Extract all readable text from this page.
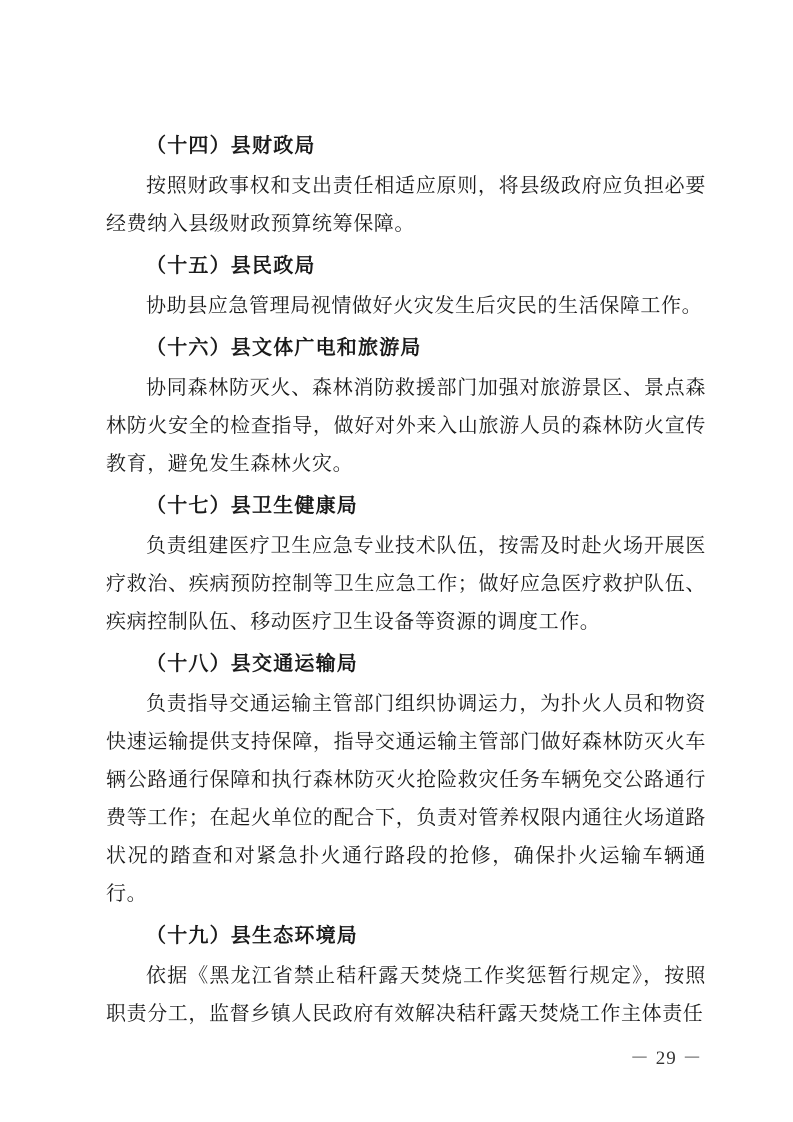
（十四）县财政局

按照财政事权和支出责任相适应原则，将县级政府应负担必要经费纳入县级财政预算统筹保障。

（十五）县民政局

协助县应急管理局视情做好火灾发生后灾民的生活保障工作。

（十六）县文体广电和旅游局

协同森林防灭火、森林消防救援部门加强对旅游景区、景点森林防火安全的检查指导，做好对外来入山旅游人员的森林防火宣传教育，避免发生森林火灾。

（十七）县卫生健康局

负责组建医疗卫生应急专业技术队伍，按需及时赴火场开展医疗救治、疾病预防控制等卫生应急工作；做好应急医疗救护队伍、疾病控制队伍、移动医疗卫生设备等资源的调度工作。

（十八）县交通运输局

负责指导交通运输主管部门组织协调运力，为扑火人员和物资快速运输提供支持保障，指导交通运输主管部门做好森林防灭火车辆公路通行保障和执行森林防灭火抢险救灾任务车辆免交公路通行费等工作；在起火单位的配合下，负责对管养权限内通往火场道路状况的踏查和对紧急扑火通行路段的抢修，确保扑火运输车辆通行。

（十九）县生态环境局

依据《黑龙江省禁止秸秆露天焚烧工作奖惩暂行规定》，按照职责分工，监督乡镇人民政府有效解决秸秆露天焚烧工作主体责任

－ 29 －
